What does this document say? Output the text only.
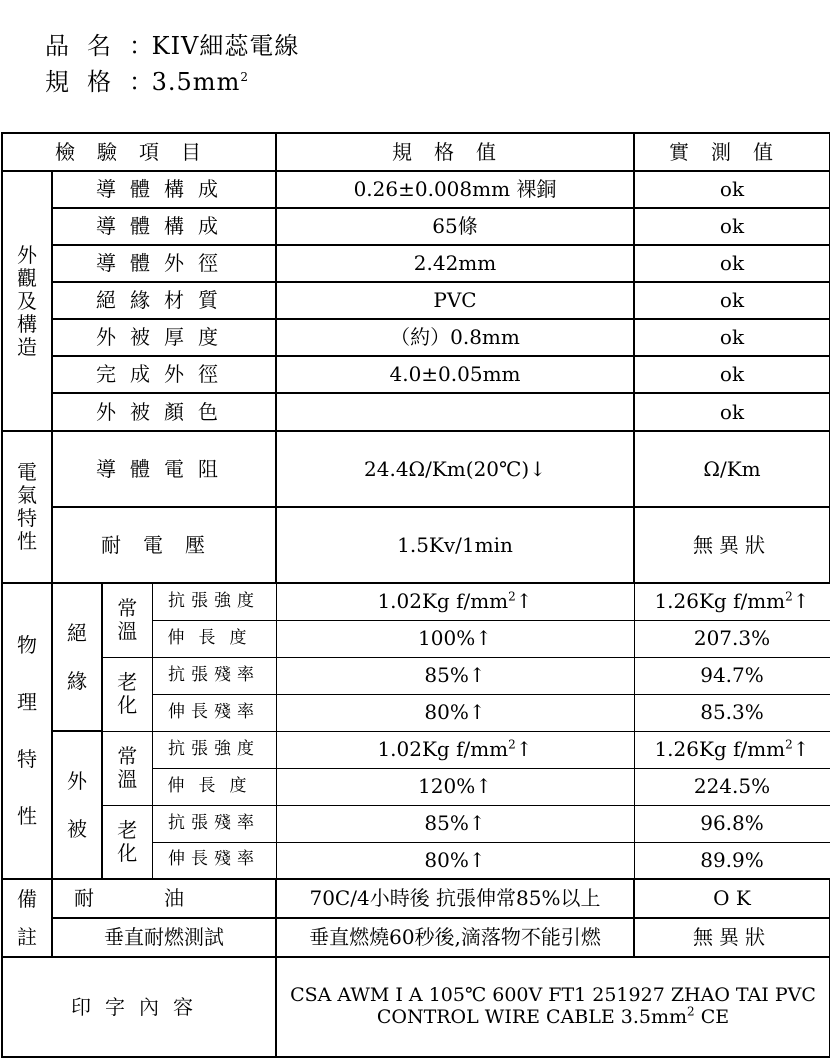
品名： KIV細蕊電線
規格： $3.5mm^2$
檢驗項目				規格值	實測值
外觀及構造	導體構成			0.26±0.008mm 裸銅	ok
	導體構成			65條	ok
	導體外徑			2.42mm	ok
	絕緣材質			PVC	ok
	外被厚度			（約）0.8mm	ok
	完成外徑			4.0±0.05mm	ok
	外被顏色				ok
電氣特性	導體電阻			24.4Ω/Km(20℃)↓	Ω/Km
	耐電壓			1.5Kv/1min	無異狀
物理特性	絕緣	常溫	抗張強度	1.02Kg $f/mm^2↑$	1.26Kg $f/mm^2↑$
			伸長度	100%↑	207.3%
		老化	抗張殘率	85%↑	94.7%
			伸長殘率	80%↑	85.3%
	外被	常溫	抗張強度	1.02Kg $f/mm^2↑$	1.26Kg $f/mm^2↑$
			伸長度	120%↑	224.5%
		老化	抗張殘率	85%↑	96.8%
			伸長殘率	80%↑	89.9%
備註	耐油			70C/4小時後 抗張伸常85%以上	O K
	垂直耐燃測試			垂直燃燒60秒後,滴落物不能引燃	無異狀
印字內容				CSA AWM I A 105℃ 600V FT1 251927 ZHAO TAI PVC
CONTROL WIRE CABLE $3.5mm^2$ CE	
